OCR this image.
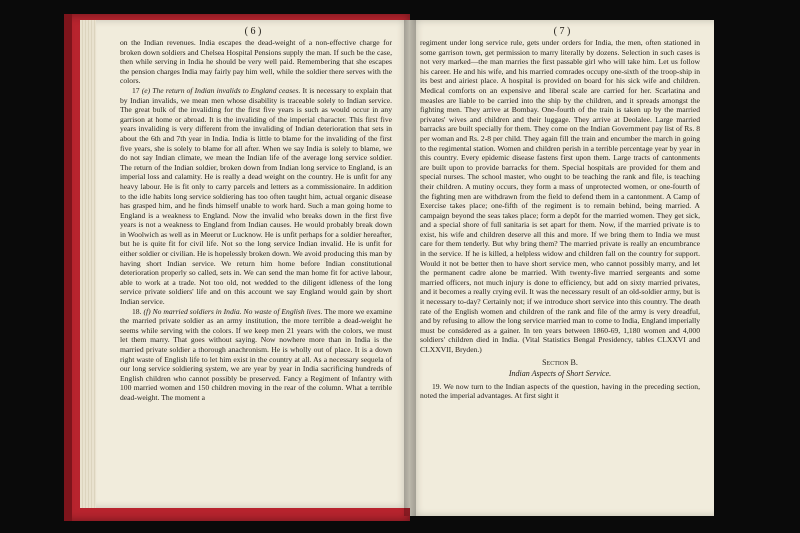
( 6 )

on the Indian revenues. India escapes the dead-weight of a non-effective charge for broken down soldiers and Chelsea Hospital Pensions supply the man. If such be the case, then while serving in India he should be very well paid. Remembering that she escapes the pension charges India may fairly pay him well, while the soldier there serves with the colors.

17 (e) The return of Indian invalids to England ceases. It is necessary to explain that by Indian invalids, we mean men whose disability is traceable solely to Indian service. The great bulk of the invaliding for the first five years is such as would occur in any garrison at home or abroad. It is the invaliding of the imperial character. This first five years invaliding is very different from the invaliding of Indian deterioration that sets in about the 6th and 7th year in India. India is little to blame for the invaliding of the first five years, she is solely to blame for all after. When we say India is solely to blame, we do not say Indian climate, we mean the Indian life of the average long service soldier. The return of the Indian soldier, broken down from Indian long service to England, is an imperial loss and calamity. He is really a dead weight on the country. He is unfit for any heavy labour. He is fit only to carry parcels and letters as a commissionaire. In addition to the idle habits long service soldiering has too often taught him, actual organic disease has grasped him, and he finds himself unable to work hard. Such a man going home to England is a weakness to England. Now the invalid who breaks down in the first five years is not a weakness to England from Indian causes. He would probably break down in Woolwich as well as in Meerut or Lucknow. He is unfit perhaps for a soldier hereafter, but he is quite fit for civil life. Not so the long service Indian invalid. He is unfit for either soldier or civilian. He is hopelessly broken down. We avoid producing this man by having short Indian service. We return him home before Indian constitutional deterioration properly so called, sets in. We can send the man home fit for active labour, able to work at a trade. Not too old, not wedded to the diligent idleness of the long service private soldiers' life and on this account we say England would gain by short Indian service.

18. (f) No married soldiers in India. No waste of English lives. The more we examine the married private soldier as an army institution, the more terrible a dead-weight he seems while serving with the colors. If we keep men 21 years with the colors, we must let them marry. That goes without saying. Now nowhere more than in India is the married private soldier a thorough anachronism. He is wholly out of place. It is a down right waste of English life to let him exist in the country at all. As a necessary sequela of our long service soldiering system, we are year by year in India sacrificing hundreds of English children who cannot possibly be preserved. Fancy a Regiment of Infantry with 100 married women and 150 children moving in the rear of the column. What a terrible dead-weight. The moment a

( 7 )

regiment under long service rule, gets under orders for India, the men, often stationed in some garrison town, get permission to marry literally by dozens. Selection in such cases is not very marked—the man marries the first passable girl who will take him. Let us follow his career. He and his wife, and his married comrades occupy one-sixth of the troop-ship in its best and airiest place. A hospital is provided on board for his sick wife and children. Medical comforts on an expensive and liberal scale are carried for her. Scarlatina and measles are liable to be carried into the ship by the children, and it spreads amongst the fighting men. They arrive at Bombay. One-fourth of the train is taken up by the married privates' wives and children and their luggage. They arrive at Deolalee. Large married barracks are built specially for them. They come on the Indian Government pay list of Rs. 8 per woman and Rs. 2-8 per child. They again fill the train and encumber the march in going to the regimental station. Women and children perish in a terrible percentage year by year in this country. Every epidemic disease fastens first upon them. Large tracts of cantonments are built upon to provide barracks for them. Special hospitals are provided for them and special nurses. The school master, who ought to be teaching the rank and file, is teaching their children. A mutiny occurs, they form a mass of unprotected women, or one-fourth of the fighting men are withdrawn from the field to defend them in a cantonment. A Camp of Exercise takes place; one-fifth of the regiment is to remain behind, being married. A campaign beyond the seas takes place; form a depôt for the married women. They get sick, and a special shore of full sanitaria is set apart for them. Now, if the married private is to exist, his wife and children deserve all this and more. If we bring them to India we must care for them tenderly. But why bring them? The married private is really an encumbrance in the service. If he is killed, a helpless widow and children fall on the country for support. Would it not be better then to have short service men, who cannot possibly marry, and let the permanent cadre alone be married. With twenty-five married sergeants and some married officers, not much injury is done to efficiency, but add on sixty married privates, and it becomes a really crying evil. It was the necessary result of an old-soldier army, but is it necessary to-day? Certainly not; if we introduce short service into this country. The death rate of the English women and children of the rank and file of the army is very dreadful, and by refusing to allow the long service married man to come to India, England imperially must be considered as a gainer. In ten years between 1860-69, 1,180 women and 4,000 soldiers' children died in India. (Vital Statistics Bengal Presidency, tables CLXXVI and CLXXVII, Bryden.)

Section B.
Indian Aspects of Short Service.

19. We now turn to the Indian aspects of the question, having in the preceding section, noted the imperial advantages. At first sight it
